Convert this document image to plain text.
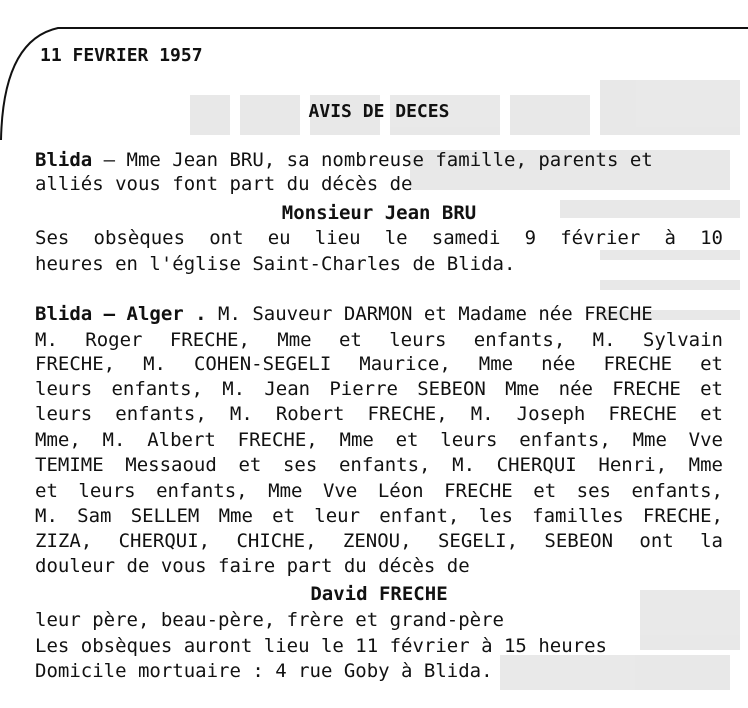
11 FEVRIER 1957
AVIS DE DECES
Blida – Mme Jean BRU, sa nombreuse famille, parents et
alliés vous font part du décès de
Monsieur Jean BRU
Ses obsèques ont eu lieu le samedi 9 février à 10
heures en l'église Saint-Charles de Blida.
Blida – Alger . M. Sauveur DARMON et Madame née FRECHE
M. Roger FRECHE, Mme et leurs enfants, M. Sylvain
FRECHE, M. COHEN-SEGELI Maurice, Mme née FRECHE et
leurs enfants, M. Jean Pierre SEBEON Mme née FRECHE et
leurs enfants, M. Robert FRECHE, M. Joseph FRECHE et
Mme, M. Albert FRECHE, Mme et leurs enfants, Mme Vve
TEMIME Messaoud et ses enfants, M. CHERQUI Henri, Mme
et leurs enfants, Mme Vve Léon FRECHE et ses enfants,
M. Sam SELLEM Mme et leur enfant, les familles FRECHE,
ZIZA, CHERQUI, CHICHE, ZENOU, SEGELI, SEBEON ont la
douleur de vous faire part du décès de
David FRECHE
leur père, beau-père, frère et grand-père
Les obsèques auront lieu le 11 février à 15 heures
Domicile mortuaire : 4 rue Goby à Blida.
